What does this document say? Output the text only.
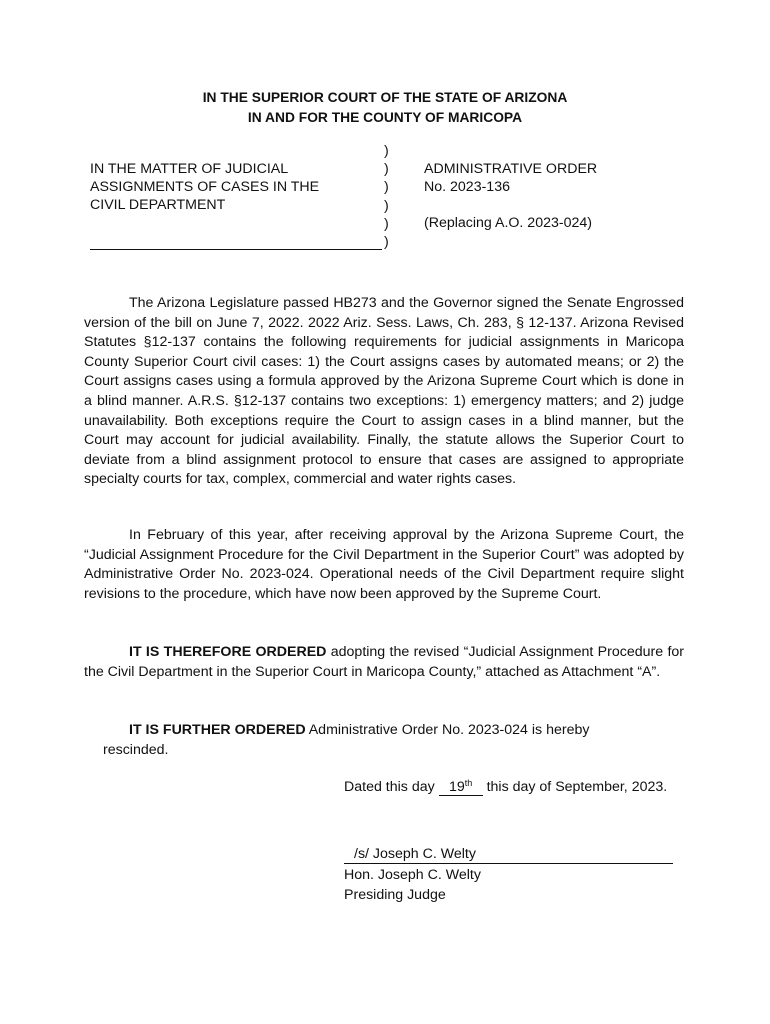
IN THE SUPERIOR COURT OF THE STATE OF ARIZONA
IN AND FOR THE COUNTY OF MARICOPA
IN THE MATTER OF JUDICIAL
ASSIGNMENTS OF CASES IN THE
CIVIL DEPARTMENT
)
)
)
)
)
)
ADMINISTRATIVE ORDER
No. 2023-136
(Replacing A.O. 2023-024)

The Arizona Legislature passed HB273 and the Governor signed the Senate Engrossed version of the bill on June 7, 2022. 2022 Ariz. Sess. Laws, Ch. 283, § 12-137. Arizona Revised Statutes §12-137 contains the following requirements for judicial assignments in Maricopa County Superior Court civil cases: 1) the Court assigns cases by automated means; or 2) the Court assigns cases using a formula approved by the Arizona Supreme Court which is done in a blind manner. A.R.S. §12-137 contains two exceptions: 1) emergency matters; and 2) judge unavailability. Both exceptions require the Court to assign cases in a blind manner, but the Court may account for judicial availability. Finally, the statute allows the Superior Court to deviate from a blind assignment protocol to ensure that cases are assigned to appropriate specialty courts for tax, complex, commercial and water rights cases.

In February of this year, after receiving approval by the Arizona Supreme Court, the “Judicial Assignment Procedure for the Civil Department in the Superior Court” was adopted by Administrative Order No. 2023-024. Operational needs of the Civil Department require slight revisions to the procedure, which have now been approved by the Supreme Court.

IT IS THEREFORE ORDERED adopting the revised “Judicial Assignment Procedure for the Civil Department in the Superior Court in Maricopa County,” attached as Attachment “A”.

IT IS FURTHER ORDERED Administrative Order No. 2023-024 is hereby
rescinded.

Dated this day 19th this day of September, 2023.
/s/ Joseph C. Welty
Hon. Joseph C. Welty
Presiding Judge
